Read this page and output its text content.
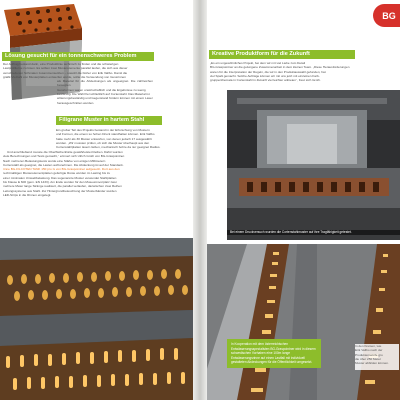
Lösung gesucht für ein tonnenschweres Problem
Der Auftrag bestand darin, eine Produktlinie technisch zu finden und die schwierigen
Lastprofilierne zu lösen. Es sollten zwei Musterelemente parallel laufen, die sich aus dieser
verschiedenen Schmalen zusammensetzten – sowohl die bisher von Erik Vallbo. Damit die
grafik Vielzahl von Musterplatten entwerfen wurde, sollte die Verwendung von Gussrinnen
als Material für die Abdeckungen als ungeeignet. Die zahlreichen bewegten
Gussformen waren unwirtschaftlich und die Ergebnisse zu wenig
beständig. Die Wahl fiel schließlich auf Cortenstahl. Das Material ist
witterungsbeständig und Gegenstand fördern können mit einem Laser
herausgeschnitten werden.
Filigrane Muster in hartem Stahl
Ein großer Teil des Projekts bestand in der Erforschung von Mustern
und Formen, die einem so hohen Druck standhalten können. Erik Vallbo
hatte mehr als 30 Muster entworfen, von denen jedoch 17 ausgewählt
wurden. „Wir mussten prüfen, ob sich die Muster überhaupt aus den
Cortenstahlplatten lasern ließen, mechanisch bohre da nur geeignet Radius.
Und anschließend musste die Oberflächenhärte gewährleistet bleiben. Dafür wurden
viele Berechnungen und Tests gemacht,“ erinnert sich Ulrich Groth von BG-Graspointner.
Nach mehreren Belastungstests wurde eine Stärke von einigen Millimetern
Cortenstahl als geeignet, die Lasten aufzunehmen. Die Abdeckung ist auf der Standard-
rinne BG-FILCOTEN TANK 150 pro G von BG-Graspointner aufgesetzt. Dort aus den
rechtmäßigen Musterelementplatten gefertigte Roste wurden im Lasting bis zu
einer minimalen Umweltbelastung. Das sogenannte Muster verwendet Stahlplatten
bis Klasse E 600 (gem. EN 1433). Am Ende wurden für den Museumsvorplatz zwei
mehrere Meter lange Stränge realisiert, die parallel verlaufen, dazwischen zwei Reihen
Leitungssysteme aus Stahl. Zur Hintergrundbeleuchtung der Musterbänder wurden
LED-Strips in die Rinnen eingelegt.
Kreative Produktform für die Zukunft
„Es ein ungewöhnliches Projekt, bei dem wir mit viel Liebe zum Detail
BG-Graspointner an die gelungene Zusammenarbeit in dem kleinen Team. „Diese Herausforderungen
waren für die Interpretation der Regeln, die wir in den Produktauswahl gefunden, hat
viel Spaß gemacht. Solche Aufträge können wir mit uns jetzt mit einzelnen Farb-
gruppenthemata in Cortenstahl in Zukunft viel leichter anbieten“, freut sich Groth.
Bei einem Druckversuch wurden die Cortenstahlmuster auf ihre Tragfähigkeit getestet.
In Kooperation mit dem österreichischen Entwässerungsspezialisten BG-Graspointner wird in diesem schwedischen Vorhaben eine 100m lange Entwässerungsrinne auf einen Lastfall mit individuell gestalteten Abdeckungen für die Öffentlichkeit umgesetzt.
In den Kreisen, wie
Erik Vallbo nach der
Produktentwürfe gro
die über 250 Meter
Muster abbilden können.
BG
